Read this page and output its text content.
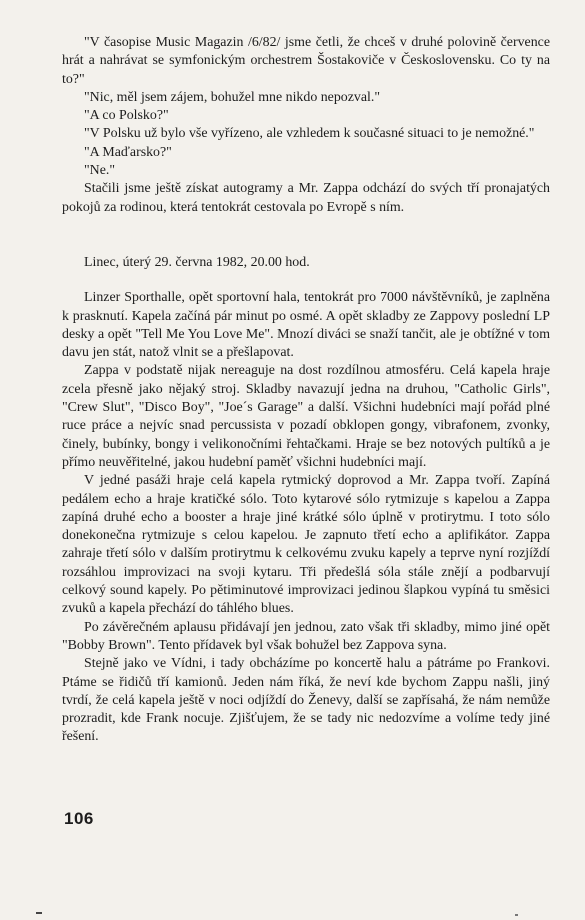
"V časopise Music Magazin /6/82/ jsme četli, že chceš v druhé polovině července hrát a nahrávat se symfonickým orchestrem Šostakoviče v Československu. Co ty na to?"

"Nic, měl jsem zájem, bohužel mne nikdo nepozval."

"A co Polsko?"

"V Polsku už bylo vše vyřízeno, ale vzhledem k současné situaci to je nemožné."

"A Maďarsko?"

"Ne."

Stačili jsme ještě získat autogramy a Mr. Zappa odchází do svých tří pronajatých pokojů za rodinou, která tentokrát cestovala po Evropě s ním.

Linec, úterý 29. června 1982, 20.00 hod.

Linzer Sporthalle, opět sportovní hala, tentokrát pro 7000 návštěvníků, je zaplněna k prasknutí. Kapela začíná pár minut po osmé. A opět skladby ze Zappovy poslední LP desky a opět "Tell Me You Love Me". Mnozí diváci se snaží tančit, ale je obtížné v tom davu jen stát, natož vlnit se a přešlapovat.

Zappa v podstatě nijak nereaguje na dost rozdílnou atmosféru. Celá kapela hraje zcela přesně jako nějaký stroj. Skladby navazují jedna na druhou, "Catholic Girls", "Crew Slut", "Disco Boy", "Joe´s Garage" a další. Všichni hudebníci mají pořád plné ruce práce a nejvíc snad percussista v pozadí obklopen gongy, vibrafonem, zvonky, činely, bubínky, bongy i velikonočními řehtačkami. Hraje se bez notových pultíků a je přímo neuvěřitelné, jakou hudební paměť všichni hudebníci mají.

V jedné pasáži hraje celá kapela rytmický doprovod a Mr. Zappa tvoří. Zapíná pedálem echo a hraje kratičké sólo. Toto kytarové sólo rytmizuje s kapelou a Zappa zapíná druhé echo a booster a hraje jiné krátké sólo úplně v protirytmu. I toto sólo donekonečna rytmizuje s celou kapelou. Je zapnuto třetí echo a aplifikátor. Zappa zahraje třetí sólo v dalším protirytmu k celkovému zvuku kapely a teprve nyní rozjíždí rozsáhlou improvizaci na svoji kytaru. Tři předešlá sóla stále znějí a podbarvují celkový sound kapely. Po pětiminutové improvizaci jedinou šlapkou vypíná tu směsici zvuků a kapela přechází do táhlého blues.

Po závěrečném aplausu přidávají jen jednou, zato však tři skladby, mimo jiné opět "Bobby Brown". Tento přídavek byl však bohužel bez Zappova syna.

Stejně jako ve Vídni, i tady obcházíme po koncertě halu a pátráme po Frankovi. Ptáme se řidičů tří kamionů. Jeden nám říká, že neví kde bychom Zappu našli, jiný tvrdí, že celá kapela ještě v noci odjíždí do Ženevy, další se zapřísahá, že nám nemůže prozradit, kde Frank nocuje. Zjišťujem, že se tady nic nedozvíme a volíme tedy jiné řešení.

106
